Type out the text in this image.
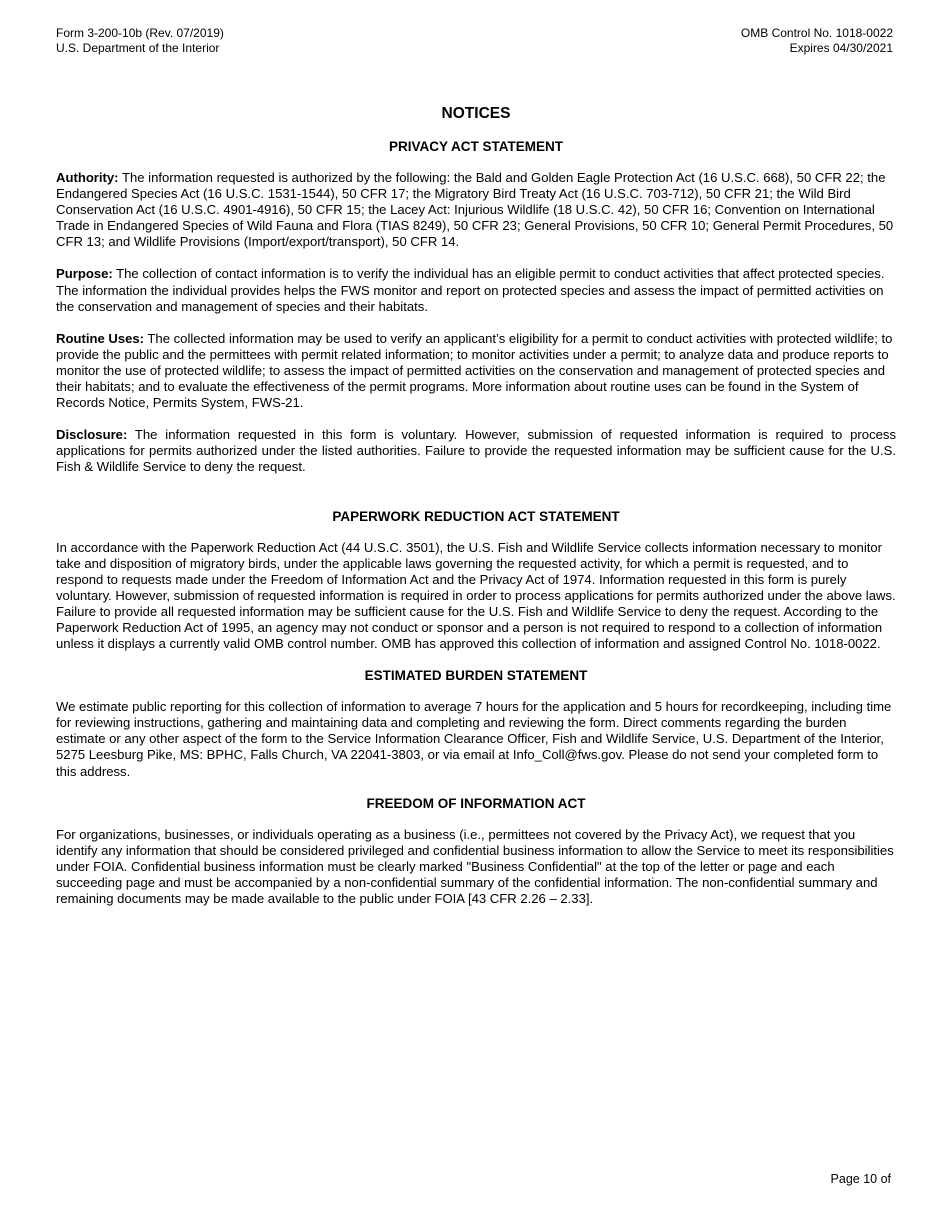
Form 3-200-10b (Rev. 07/2019)
U.S. Department of the Interior
OMB Control No. 1018-0022
Expires 04/30/2021
NOTICES
PRIVACY ACT STATEMENT

Authority: The information requested is authorized by the following: the Bald and Golden Eagle Protection Act (16 U.S.C. 668), 50 CFR 22; the Endangered Species Act (16 U.S.C. 1531-1544), 50 CFR 17; the Migratory Bird Treaty Act (16 U.S.C. 703-712), 50 CFR 21; the Wild Bird Conservation Act (16 U.S.C. 4901-4916), 50 CFR 15; the Lacey Act: Injurious Wildlife (18 U.S.C. 42), 50 CFR 16; Convention on International Trade in Endangered Species of Wild Fauna and Flora (TIAS 8249), 50 CFR 23; General Provisions, 50 CFR 10; General Permit Procedures, 50 CFR 13; and Wildlife Provisions (Import/export/transport), 50 CFR 14.

Purpose: The collection of contact information is to verify the individual has an eligible permit to conduct activities that affect protected species. The information the individual provides helps the FWS monitor and report on protected species and assess the impact of permitted activities on the conservation and management of species and their habitats.

Routine Uses: The collected information may be used to verify an applicant’s eligibility for a permit to conduct activities with protected wildlife; to provide the public and the permittees with permit related information; to monitor activities under a permit; to analyze data and produce reports to monitor the use of protected wildlife; to assess the impact of permitted activities on the conservation and management of protected species and their habitats; and to evaluate the effectiveness of the permit programs. More information about routine uses can be found in the System of Records Notice, Permits System, FWS-21.

Disclosure: The information requested in this form is voluntary. However, submission of requested information is required to process applications for permits authorized under the listed authorities. Failure to provide the requested information may be sufficient cause for the U.S. Fish & Wildlife Service to deny the request.

PAPERWORK REDUCTION ACT STATEMENT

In accordance with the Paperwork Reduction Act (44 U.S.C. 3501), the U.S. Fish and Wildlife Service collects information necessary to monitor take and disposition of migratory birds, under the applicable laws governing the requested activity, for which a permit is requested, and to respond to requests made under the Freedom of Information Act and the Privacy Act of 1974. Information requested in this form is purely voluntary. However, submission of requested information is required in order to process applications for permits authorized under the above laws. Failure to provide all requested information may be sufficient cause for the U.S. Fish and Wildlife Service to deny the request. According to the Paperwork Reduction Act of 1995, an agency may not conduct or sponsor and a person is not required to respond to a collection of information unless it displays a currently valid OMB control number. OMB has approved this collection of information and assigned Control No. 1018-0022.

ESTIMATED BURDEN STATEMENT

We estimate public reporting for this collection of information to average 7 hours for the application and 5 hours for recordkeeping, including time for reviewing instructions, gathering and maintaining data and completing and reviewing the form. Direct comments regarding the burden estimate or any other aspect of the form to the Service Information Clearance Officer, Fish and Wildlife Service, U.S. Department of the Interior, 5275 Leesburg Pike, MS: BPHC, Falls Church, VA 22041-3803, or via email at Info_Coll@fws.gov. Please do not send your completed form to this address.

FREEDOM OF INFORMATION ACT

For organizations, businesses, or individuals operating as a business (i.e., permittees not covered by the Privacy Act), we request that you identify any information that should be considered privileged and confidential business information to allow the Service to meet its responsibilities under FOIA. Confidential business information must be clearly marked "Business Confidential" at the top of the letter or page and each succeeding page and must be accompanied by a non-confidential summary of the confidential information. The non-confidential summary and remaining documents may be made available to the public under FOIA [43 CFR 2.26 – 2.33].

Page 10 of
